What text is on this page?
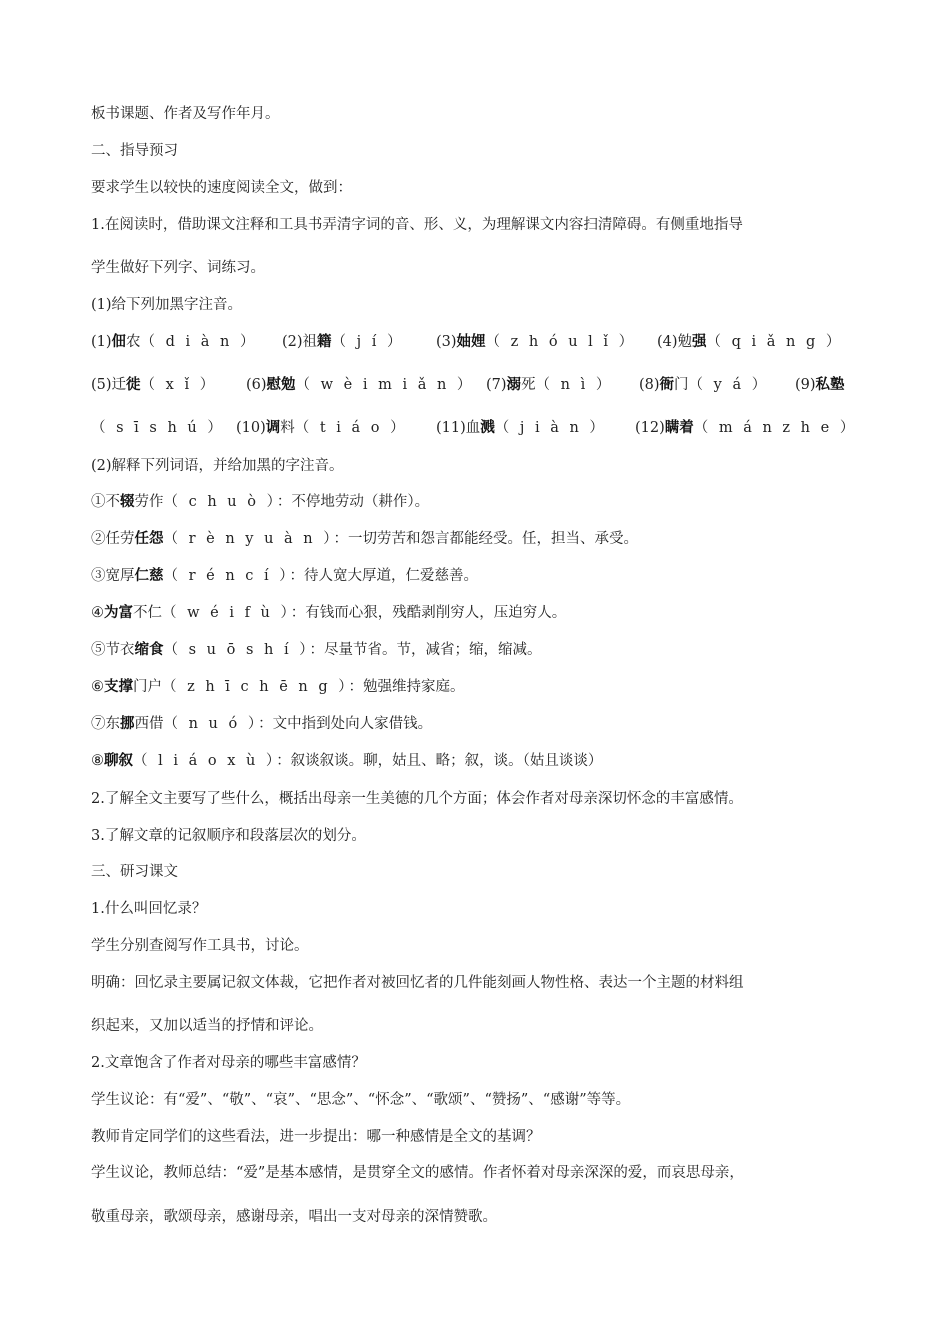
板书课题、作者及写作年月。
二、指导预习
要求学生以较快的速度阅读全文，做到：
1.在阅读时，借助课文注释和工具书弄清字词的音、形、义，为理解课文内容扫清障碍。有侧重地指导
学生做好下列字、词练习。
(1)给下列加黑字注音。
(1)佃农（ d i à n ） (2)祖籍（ j í ） (3)妯娌（ z h ó u l ǐ ） (4)勉强（ q i ǎ n g ）
(5)迁徙（ x ǐ ） (6)慰勉（ w è i m i ǎ n ） (7)溺死（ n ì ） (8)衙门（ y á ） (9)私塾
（ s ī s h ú ） (10)调料（ t i á o ） (11)血溅（ j i à n ） (12)瞒着（ m á n z h e ）
(2)解释下列词语，并给加黑的字注音。
①不辍劳作（ c h u ò ）：不停地劳动（耕作）。
②任劳任怨（ r è n y u à n ）：一切劳苦和怨言都能经受。任，担当、承受。
③宽厚仁慈（ r é n c í ）：待人宽大厚道，仁爱慈善。
④为富不仁（ w é i f ù ）：有钱而心狠，残酷剥削穷人，压迫穷人。
⑤节衣缩食（ s u ō s h í ）：尽量节省。节，减省；缩，缩减。
⑥支撑门户（ z h ī c h ē n g ）：勉强维持家庭。
⑦东挪西借（ n u ó ）：文中指到处向人家借钱。
⑧聊叙（ l i á o x ù ）：叙谈叙谈。聊，姑且、略；叙，谈。（姑且谈谈）
2.了解全文主要写了些什么，概括出母亲一生美德的几个方面；体会作者对母亲深切怀念的丰富感情。
3.了解文章的记叙顺序和段落层次的划分。
三、研习课文
1.什么叫回忆录？
学生分别查阅写作工具书，讨论。
明确：回忆录主要属记叙文体裁，它把作者对被回忆者的几件能刻画人物性格、表达一个主题的材料组
织起来，又加以适当的抒情和评论。
2.文章饱含了作者对母亲的哪些丰富感情？
学生议论：有“爱”、“敬”、“哀”、“思念”、“怀念”、“歌颂”、“赞扬”、“感谢”等等。
教师肯定同学们的这些看法，进一步提出：哪一种感情是全文的基调？
学生议论，教师总结：“爱”是基本感情，是贯穿全文的感情。作者怀着对母亲深深的爱，而哀思母亲，
敬重母亲，歌颂母亲，感谢母亲，唱出一支对母亲的深情赞歌。
